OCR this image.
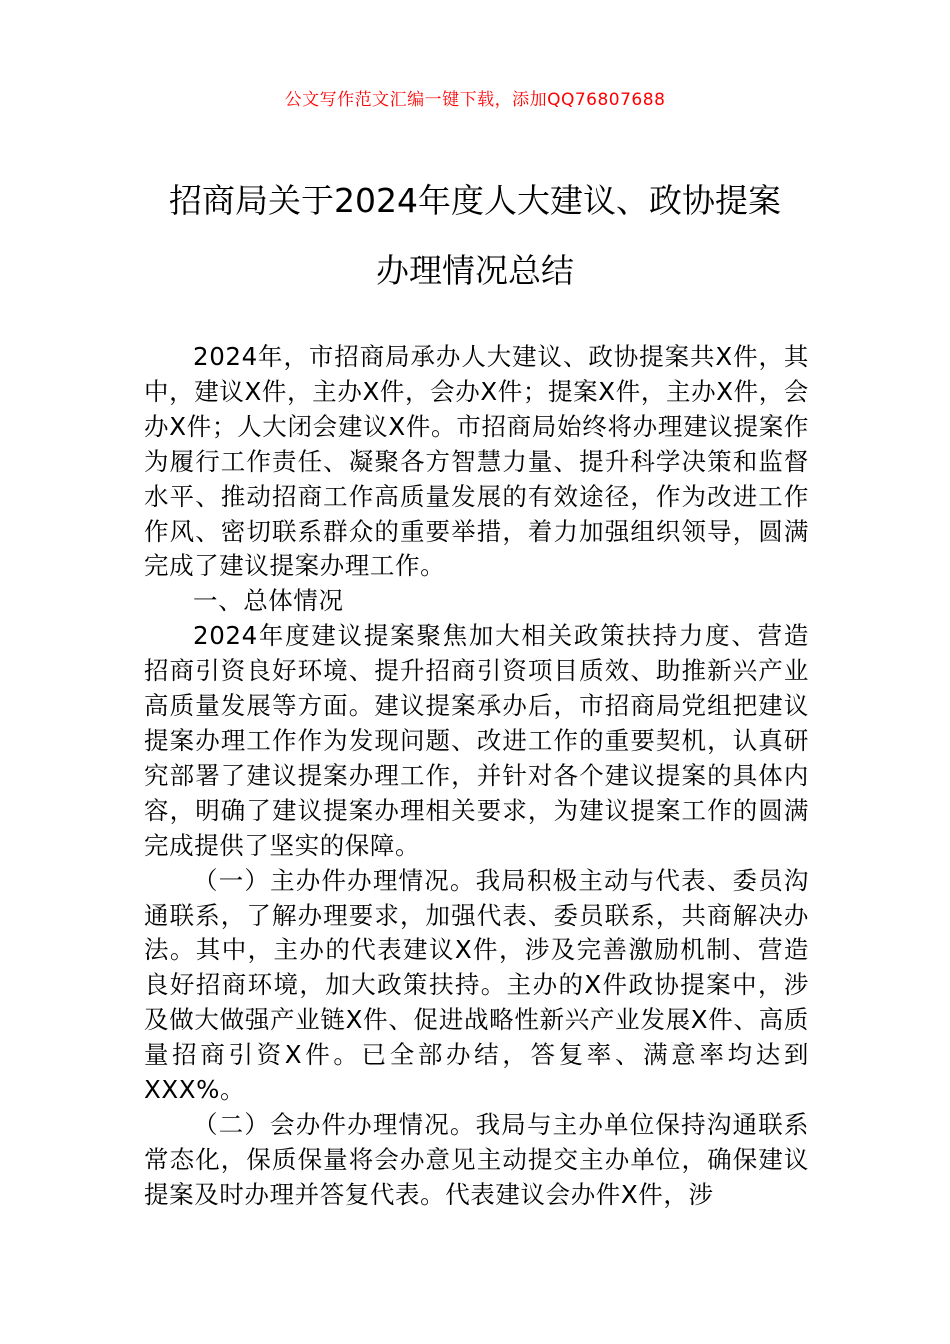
公文写作范文汇编一键下载，添加QQ76807688
招商局关于2024年度人大建议、政协提案
办理情况总结

2024年，市招商局承办人大建议、政协提案共X件，其中，建议X件，主办X件，会办X件；提案X件，主办X件，会办X件；人大闭会建议X件。市招商局始终将办理建议提案作为履行工作责任、凝聚各方智慧力量、提升科学决策和监督水平、推动招商工作高质量发展的有效途径，作为改进工作作风、密切联系群众的重要举措，着力加强组织领导，圆满完成了建议提案办理工作。

一、总体情况

2024年度建议提案聚焦加大相关政策扶持力度、营造招商引资良好环境、提升招商引资项目质效、助推新兴产业高质量发展等方面。建议提案承办后，市招商局党组把建议提案办理工作作为发现问题、改进工作的重要契机，认真研究部署了建议提案办理工作，并针对各个建议提案的具体内容，明确了建议提案办理相关要求，为建议提案工作的圆满完成提供了坚实的保障。

（一）主办件办理情况。我局积极主动与代表、委员沟通联系，了解办理要求，加强代表、委员联系，共商解决办法。其中，主办的代表建议X件，涉及完善激励机制、营造良好招商环境，加大政策扶持。主办的X件政协提案中，涉及做大做强产业链X件、促进战略性新兴产业发展X件、高质量招商引资X件。已全部办结，答复率、满意率均达到XXX%。

（二）会办件办理情况。我局与主办单位保持沟通联系常态化，保质保量将会办意见主动提交主办单位，确保建议提案及时办理并答复代表。代表建议会办件X件，涉
